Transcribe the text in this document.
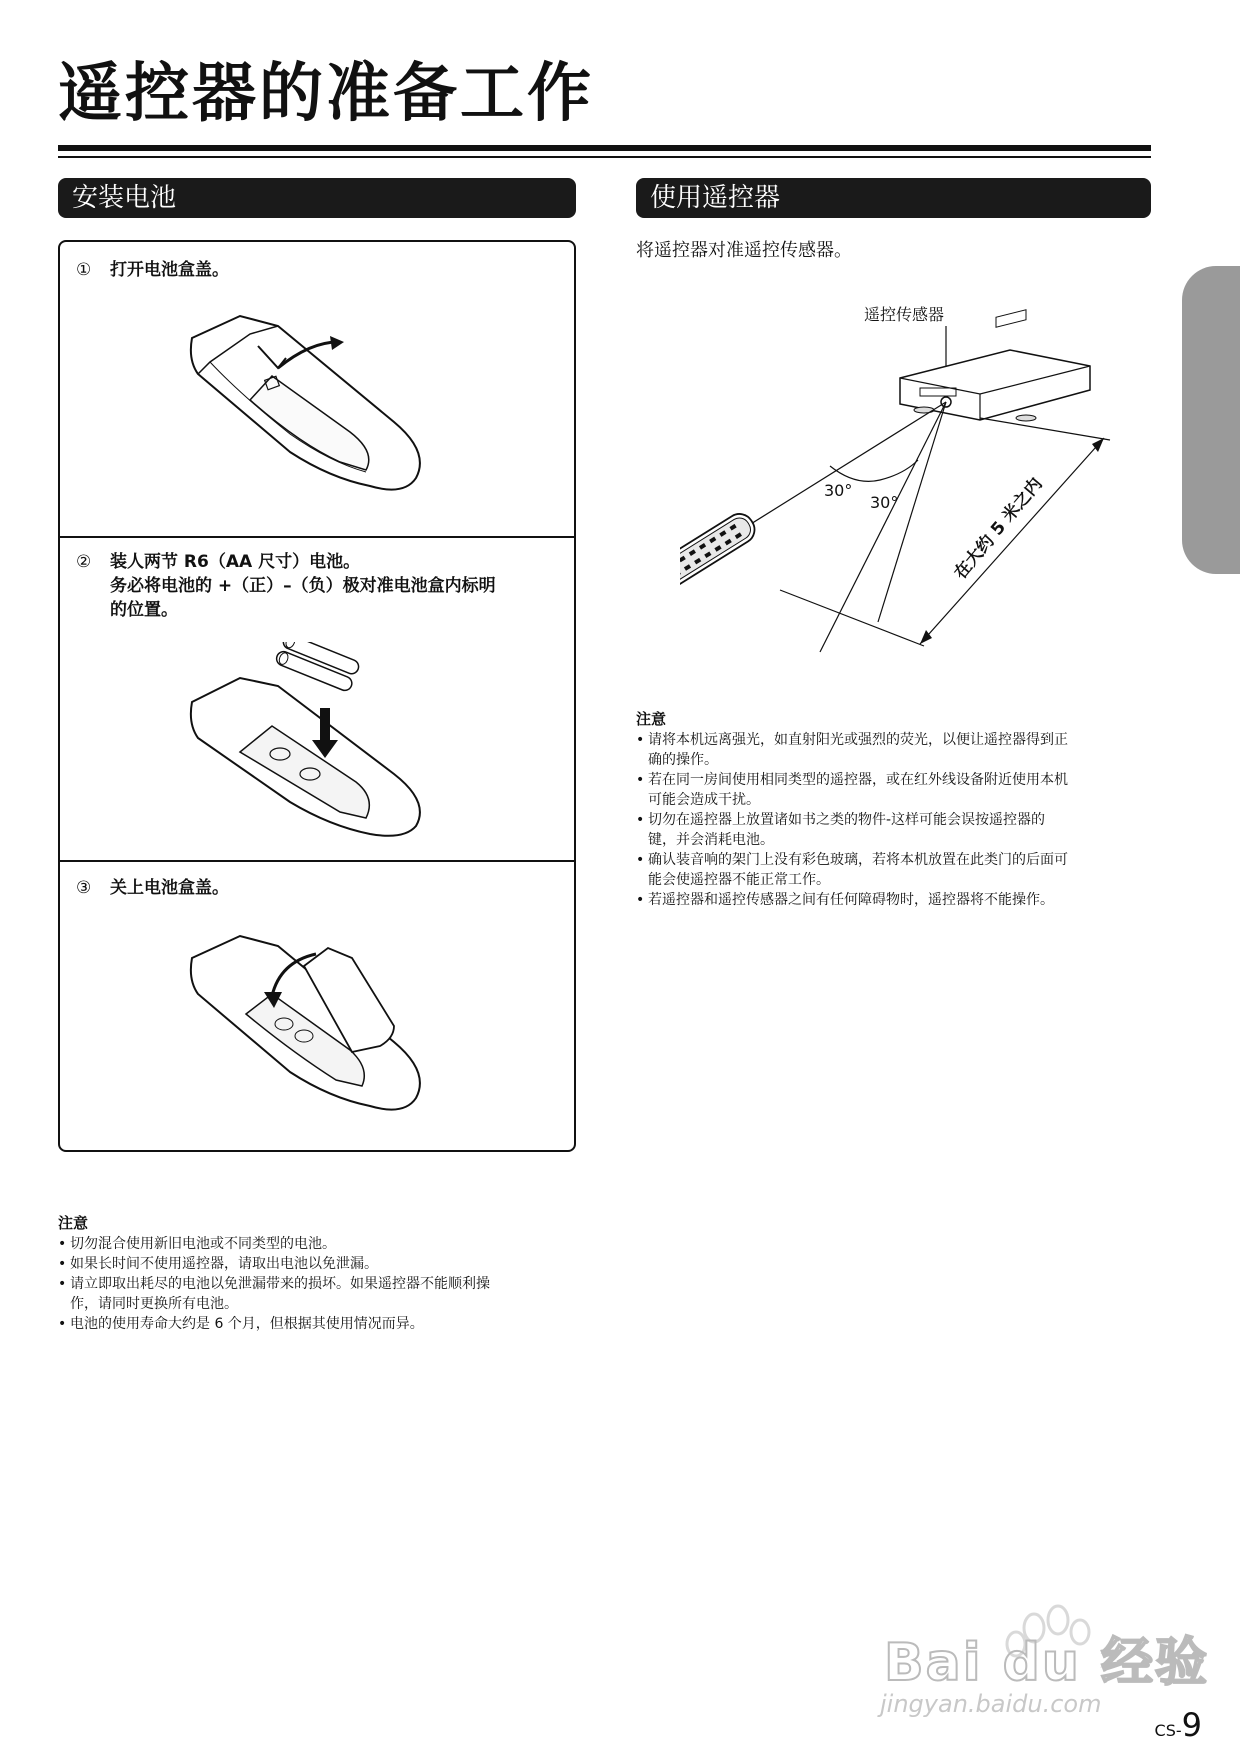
遥控器的准备工作
安装电池
① 打开电池盒盖。
② 装人两节 R6（AA 尺寸）电池。
务必将电池的 +（正）–（负）极对准电池盒内标明
的位置。
③ 关上电池盒盖。
注意
• 切勿混合使用新旧电池或不同类型的电池。
• 如果长时间不使用遥控器，请取出电池以免泄漏。
• 请立即取出耗尽的电池以免泄漏带来的损坏。如果遥控器不能顺利操
作，请同时更换所有电池。
• 电池的使用寿命大约是 6 个月，但根据其使用情况而异。
使用遥控器
将遥控器对准遥控传感器。
遥控传感器
30°
30°	在大约 5 米之内
注意
• 请将本机远离强光，如直射阳光或强烈的荧光，以便让遥控器得到正
确的操作。
• 若在同一房间使用相同类型的遥控器，或在红外线设备附近使用本机
可能会造成干扰。
• 切勿在遥控器上放置诸如书之类的物件-这样可能会误按遥控器的
键，并会消耗电池。
• 确认装音响的架门上没有彩色玻璃，若将本机放置在此类门的后面可
能会使遥控器不能正常工作。
• 若遥控器和遥控传感器之间有任何障碍物时，遥控器将不能操作。
Bai du 经验
jingyan.baidu.com
CS-9
